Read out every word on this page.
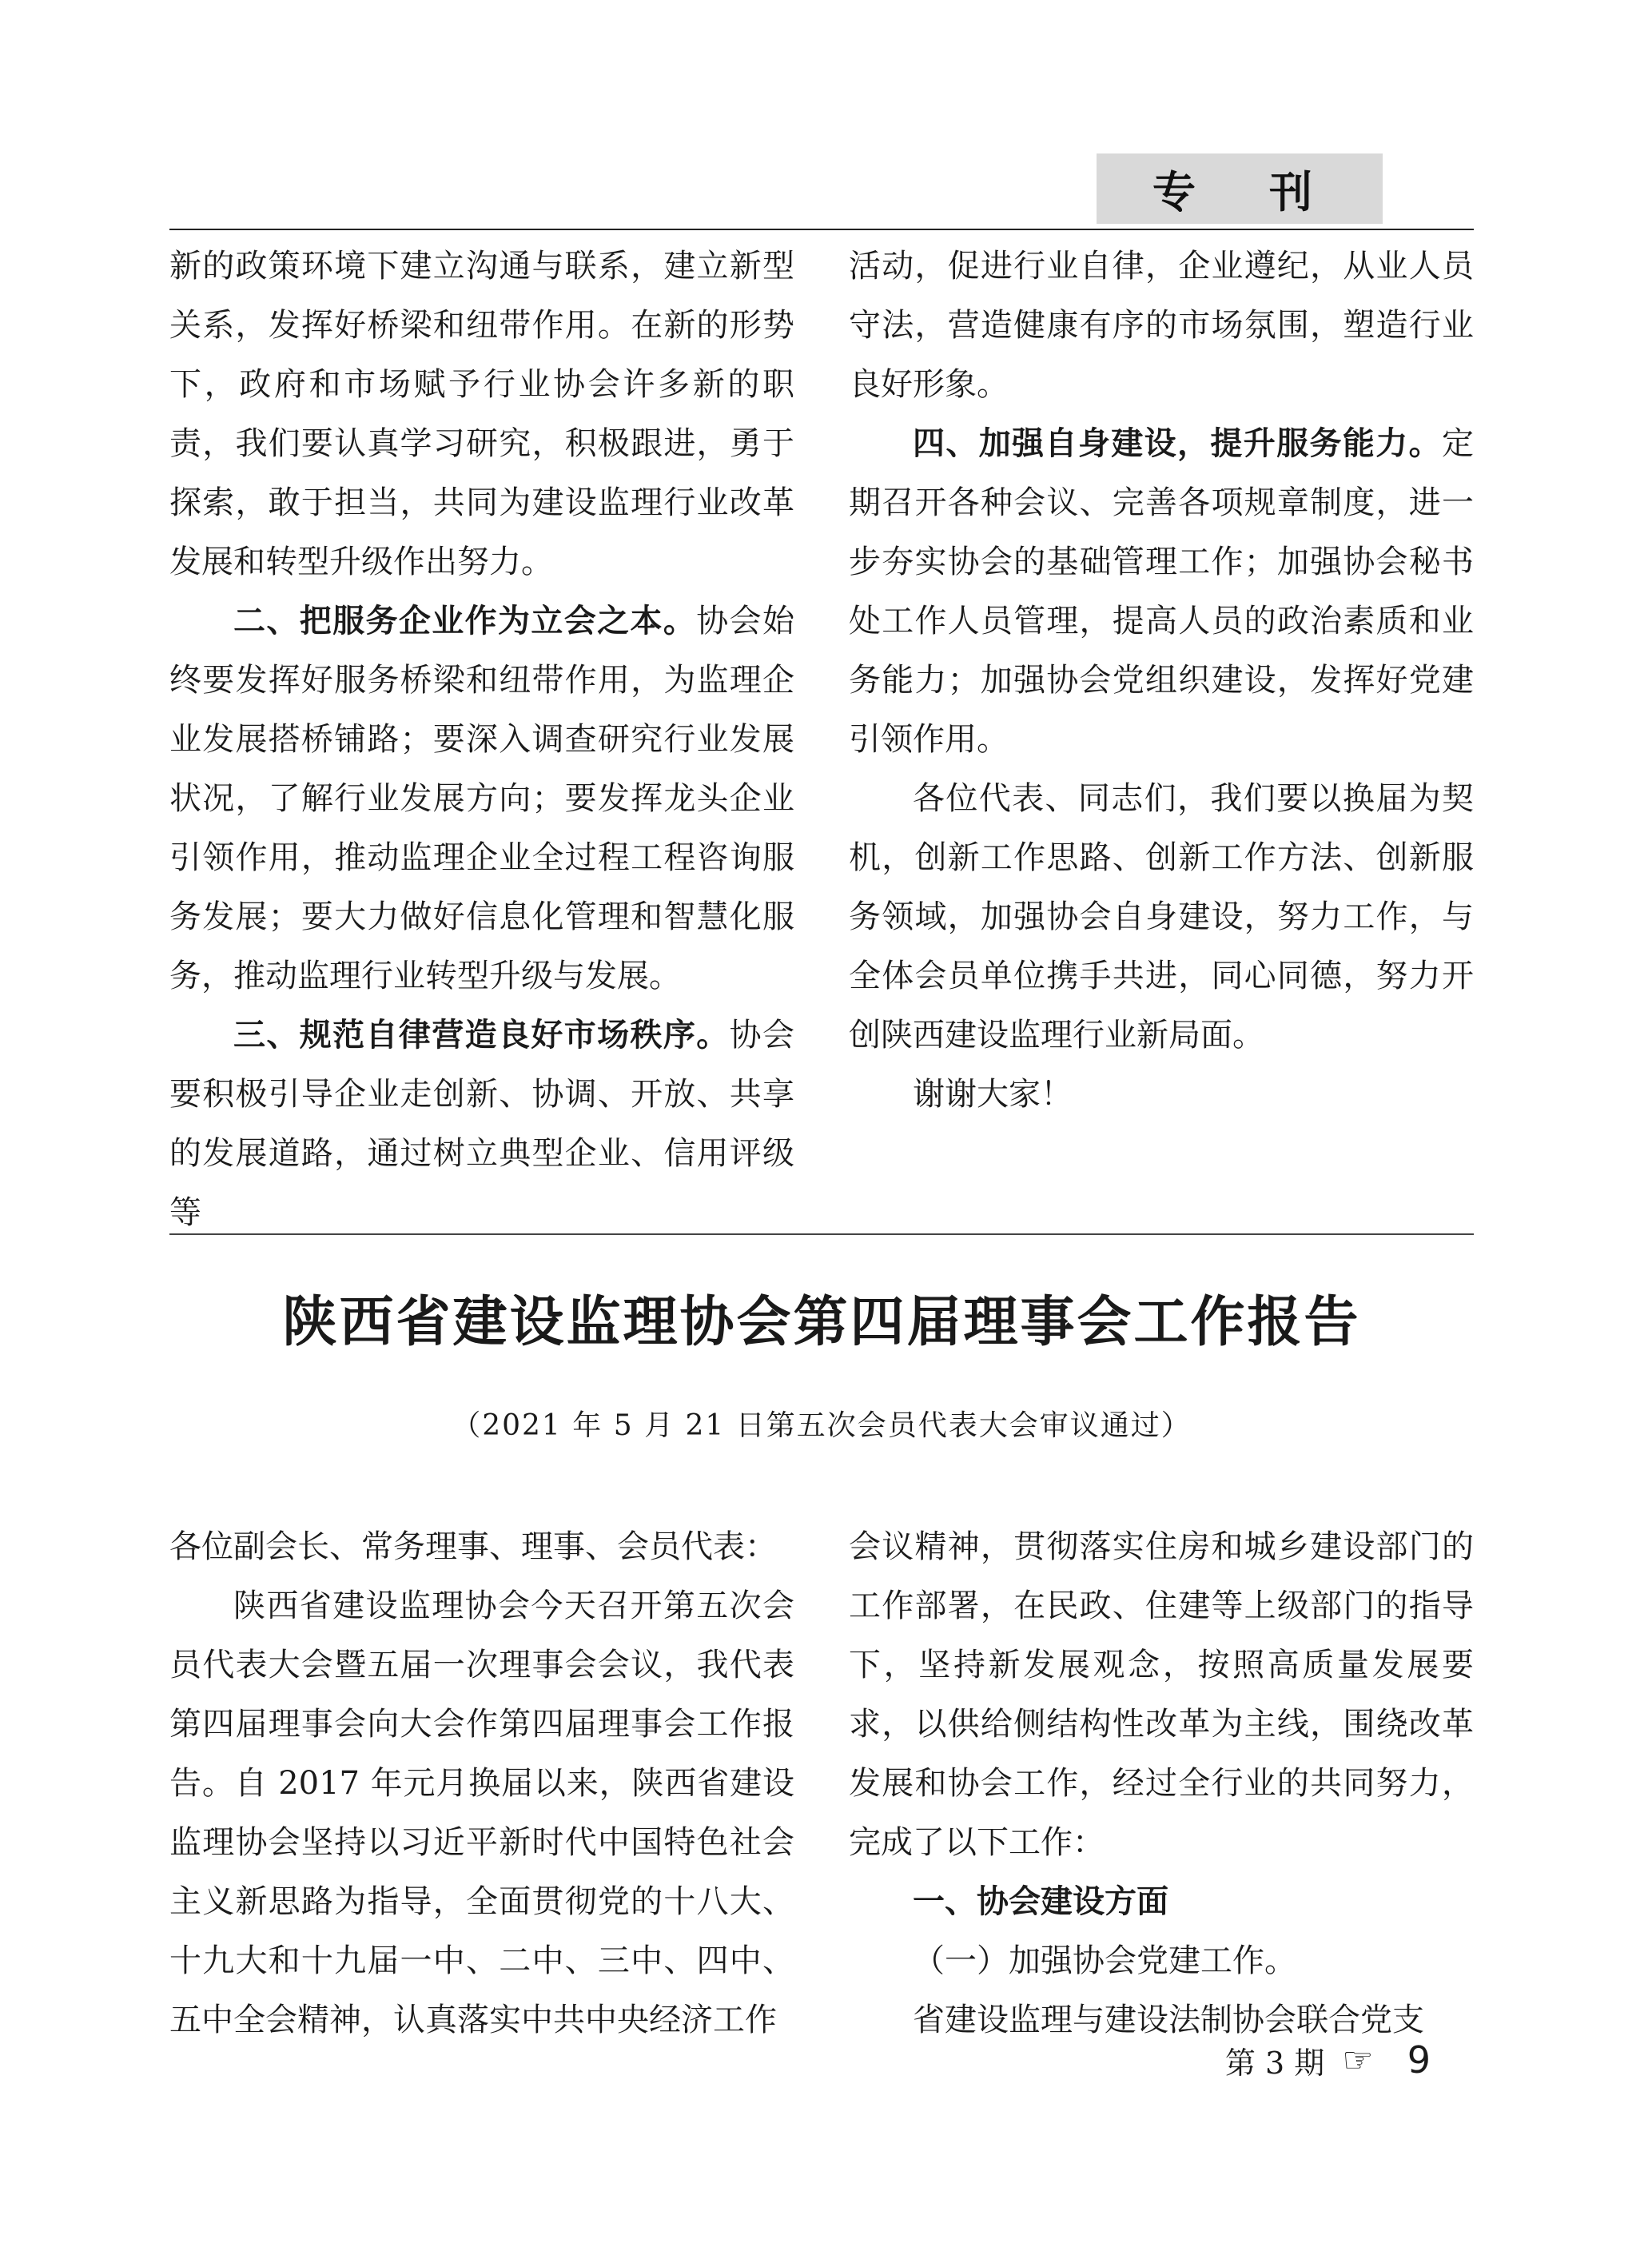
专 刊

新的政策环境下建立沟通与联系，建立新型关系，发挥好桥梁和纽带作用。在新的形势下，政府和市场赋予行业协会许多新的职责，我们要认真学习研究，积极跟进，勇于探索，敢于担当，共同为建设监理行业改革发展和转型升级作出努力。

二、把服务企业作为立会之本。协会始终要发挥好服务桥梁和纽带作用，为监理企业发展搭桥铺路；要深入调查研究行业发展状况，了解行业发展方向；要发挥龙头企业引领作用，推动监理企业全过程工程咨询服务发展；要大力做好信息化管理和智慧化服务，推动监理行业转型升级与发展。

三、规范自律营造良好市场秩序。协会要积极引导企业走创新、协调、开放、共享的发展道路，通过树立典型企业、信用评级等

活动，促进行业自律，企业遵纪，从业人员守法，营造健康有序的市场氛围，塑造行业良好形象。

四、加强自身建设，提升服务能力。定期召开各种会议、完善各项规章制度，进一步夯实协会的基础管理工作；加强协会秘书处工作人员管理，提高人员的政治素质和业务能力；加强协会党组织建设，发挥好党建引领作用。

各位代表、同志们，我们要以换届为契机，创新工作思路、创新工作方法、创新服务领域，加强协会自身建设，努力工作，与全体会员单位携手共进，同心同德，努力开创陕西建设监理行业新局面。

谢谢大家！

陕西省建设监理协会第四届理事会工作报告
（2021 年 5 月 21 日第五次会员代表大会审议通过）

各位副会长、常务理事、理事、会员代表：

陕西省建设监理协会今天召开第五次会员代表大会暨五届一次理事会会议，我代表第四届理事会向大会作第四届理事会工作报告。自 2017 年元月换届以来，陕西省建设监理协会坚持以习近平新时代中国特色社会主义新思路为指导，全面贯彻党的十八大、十九大和十九届一中、二中、三中、四中、五中全会精神，认真落实中共中央经济工作

会议精神，贯彻落实住房和城乡建设部门的工作部署，在民政、住建等上级部门的指导下，坚持新发展观念，按照高质量发展要求，以供给侧结构性改革为主线，围绕改革发展和协会工作，经过全行业的共同努力，完成了以下工作：

一、协会建设方面

（一）加强协会党建工作。

省建设监理与建设法制协会联合党支

第 3 期 ☞ 9
